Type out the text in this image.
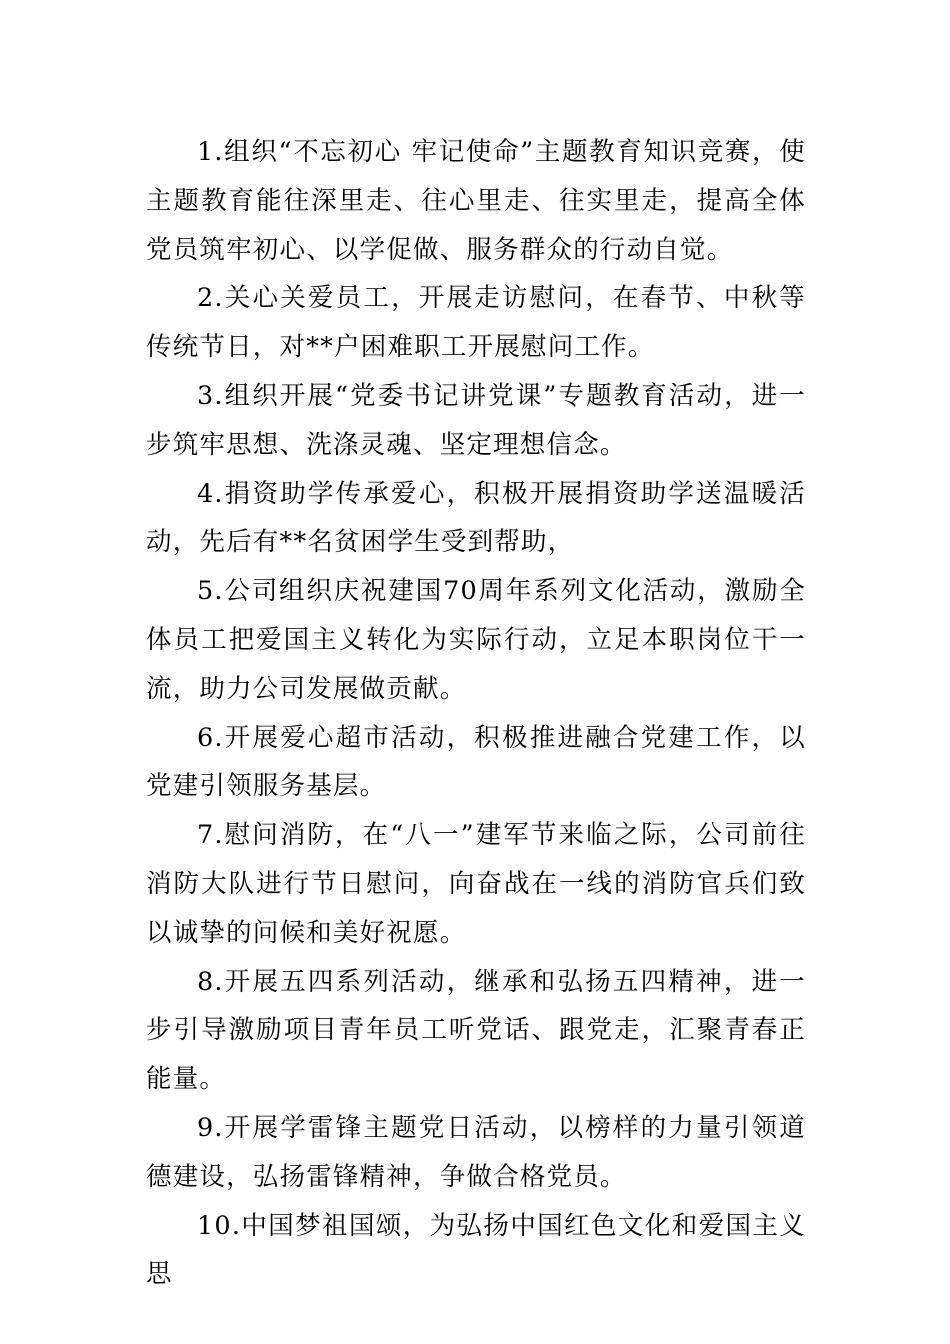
1.组织“不忘初心 牢记使命”主题教育知识竞赛，使主题教育能往深里走、往心里走、往实里走，提高全体党员筑牢初心、以学促做、服务群众的行动自觉。

2.关心关爱员工，开展走访慰问，在春节、中秋等传统节日，对**户困难职工开展慰问工作。

3.组织开展“党委书记讲党课”专题教育活动，进一步筑牢思想、洗涤灵魂、坚定理想信念。

4.捐资助学传承爱心，积极开展捐资助学送温暖活动，先后有**名贫困学生受到帮助，

5.公司组织庆祝建国70周年系列文化活动，激励全体员工把爱国主义转化为实际行动，立足本职岗位干一流，助力公司发展做贡献。

6.开展爱心超市活动，积极推进融合党建工作，以党建引领服务基层。

7.慰问消防，在“八一”建军节来临之际，公司前往消防大队进行节日慰问，向奋战在一线的消防官兵们致以诚挚的问候和美好祝愿。

8.开展五四系列活动，继承和弘扬五四精神，进一步引导激励项目青年员工听党话、跟党走，汇聚青春正能量。

9.开展学雷锋主题党日活动，以榜样的力量引领道德建设，弘扬雷锋精神，争做合格党员。

10.中国梦祖国颂，为弘扬中国红色文化和爱国主义思
